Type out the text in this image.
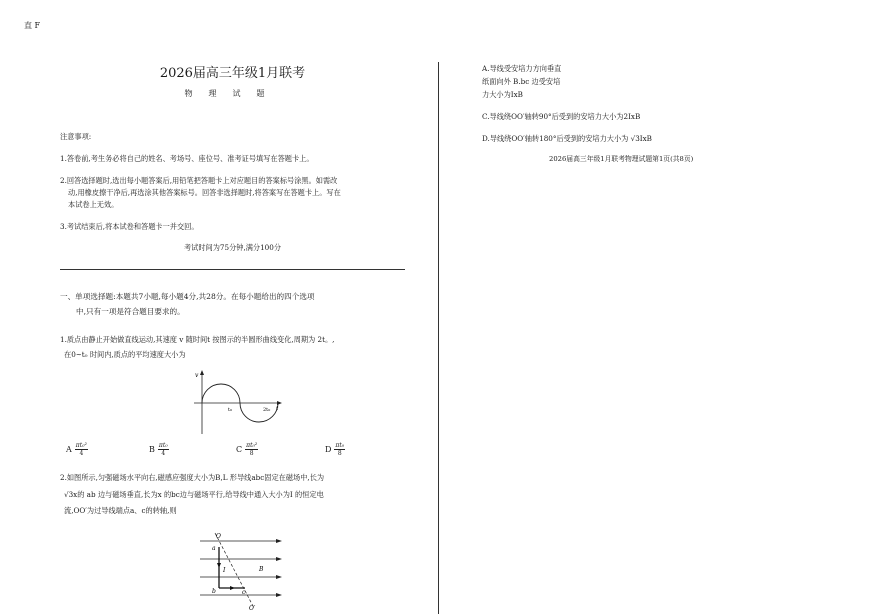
直 F
2026届高三年级1月联考
物理试题
注意事项:
1.答卷前,考生务必将自己的姓名、考场号、座位号、准考证号填写在答题卡上。
2.回答选择题时,选出每小题答案后,用铅笔把答题卡上对应题目的答案标号涂黑。如需改
动,用橡皮擦干净后,再选涂其他答案标号。回答非选择题时,将答案写在答题卡上。写在
本试卷上无效。
3.考试结束后,将本试卷和答题卡一并交回。
考试时间为75分钟,满分100分
一、单项选择题:本题共7小题,每小题4分,共28分。在每小题给出的四个选项
中,只有一项是符合题目要求的。
1.质点由静止开始做直线运动,其速度 v 随时间t 按图示的半圆形曲线变化,周期为 2t。,
在0~t₀ 时间内,质点的平均速度大小为
v
t₀	2t₀ t
A $\frac{\text{πt₀²}}{4}$	B $\frac{\text{πt₀}}{4}$	C $\frac{\text{πt₀²}}{8}$	D $\frac{\text{πt₀}}{8}$
2.如图所示,匀强磁场水平向右,磁感应强度大小为B,L 形导线abc固定在磁场中,长为
√3x的 ab 边与磁场垂直,长为x 的bc边与磁场平行,给导线中通入大小为I 的恒定电
流,OO′为过导线端点a、c的转轴,则
O
a
b	c
I	B
O′
A.导线受安培力方向垂直
纸面向外 B.bc 边受安培
力大小为IxB
C.导线绕OO′轴转90°后受到的安培力大小为2IxB
D.导线绕OO′轴转180°后受到的安培力大小为 √3IxB
2026届高三年级1月联考物理试题第1页(共8页)
